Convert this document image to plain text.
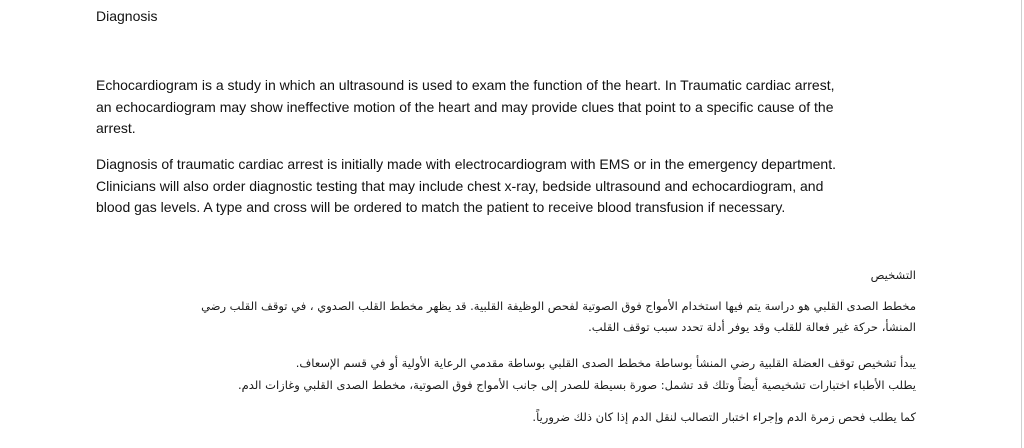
Diagnosis

Echocardiogram is a study in which an ultrasound is used to exam the function of the heart. In Traumatic cardiac arrest,

an echocardiogram may show ineffective motion of the heart and may provide clues that point to a specific cause of the

arrest.

Diagnosis of traumatic cardiac arrest is initially made with electrocardiogram with EMS or in the emergency department.

Clinicians will also order diagnostic testing that may include chest x-ray, bedside ultrasound and echocardiogram, and

blood gas levels. A type and cross will be ordered to match the patient to receive blood transfusion if necessary.

التشخيص

مخطط الصدى القلبي هو دراسة يتم فيها استخدام الأمواج فوق الصوتية لفحص الوظيفة القلبية. قد يظهر مخطط القلب الصدوي ، في توقف القلب رضي

المنشأ، حركة غير فعالة للقلب وقد يوفر أدلة تحدد سبب توقف القلب.

يبدأ تشخيص توقف العضلة القلبية رضي المنشأ بوساطة مخطط الصدى القلبي بوساطة مقدمي الرعاية الأولية أو في قسم الإسعاف.

يطلب الأطباء اختبارات تشخيصية أيضاً وتلك قد تشمل: صورة بسيطة للصدر إلى جانب الأمواج فوق الصوتية، مخطط الصدى القلبي وغازات الدم.

كما يطلب فحص زمرة الدم وإجراء اختبار التصالب لنقل الدم إذا كان ذلك ضرورياً.
